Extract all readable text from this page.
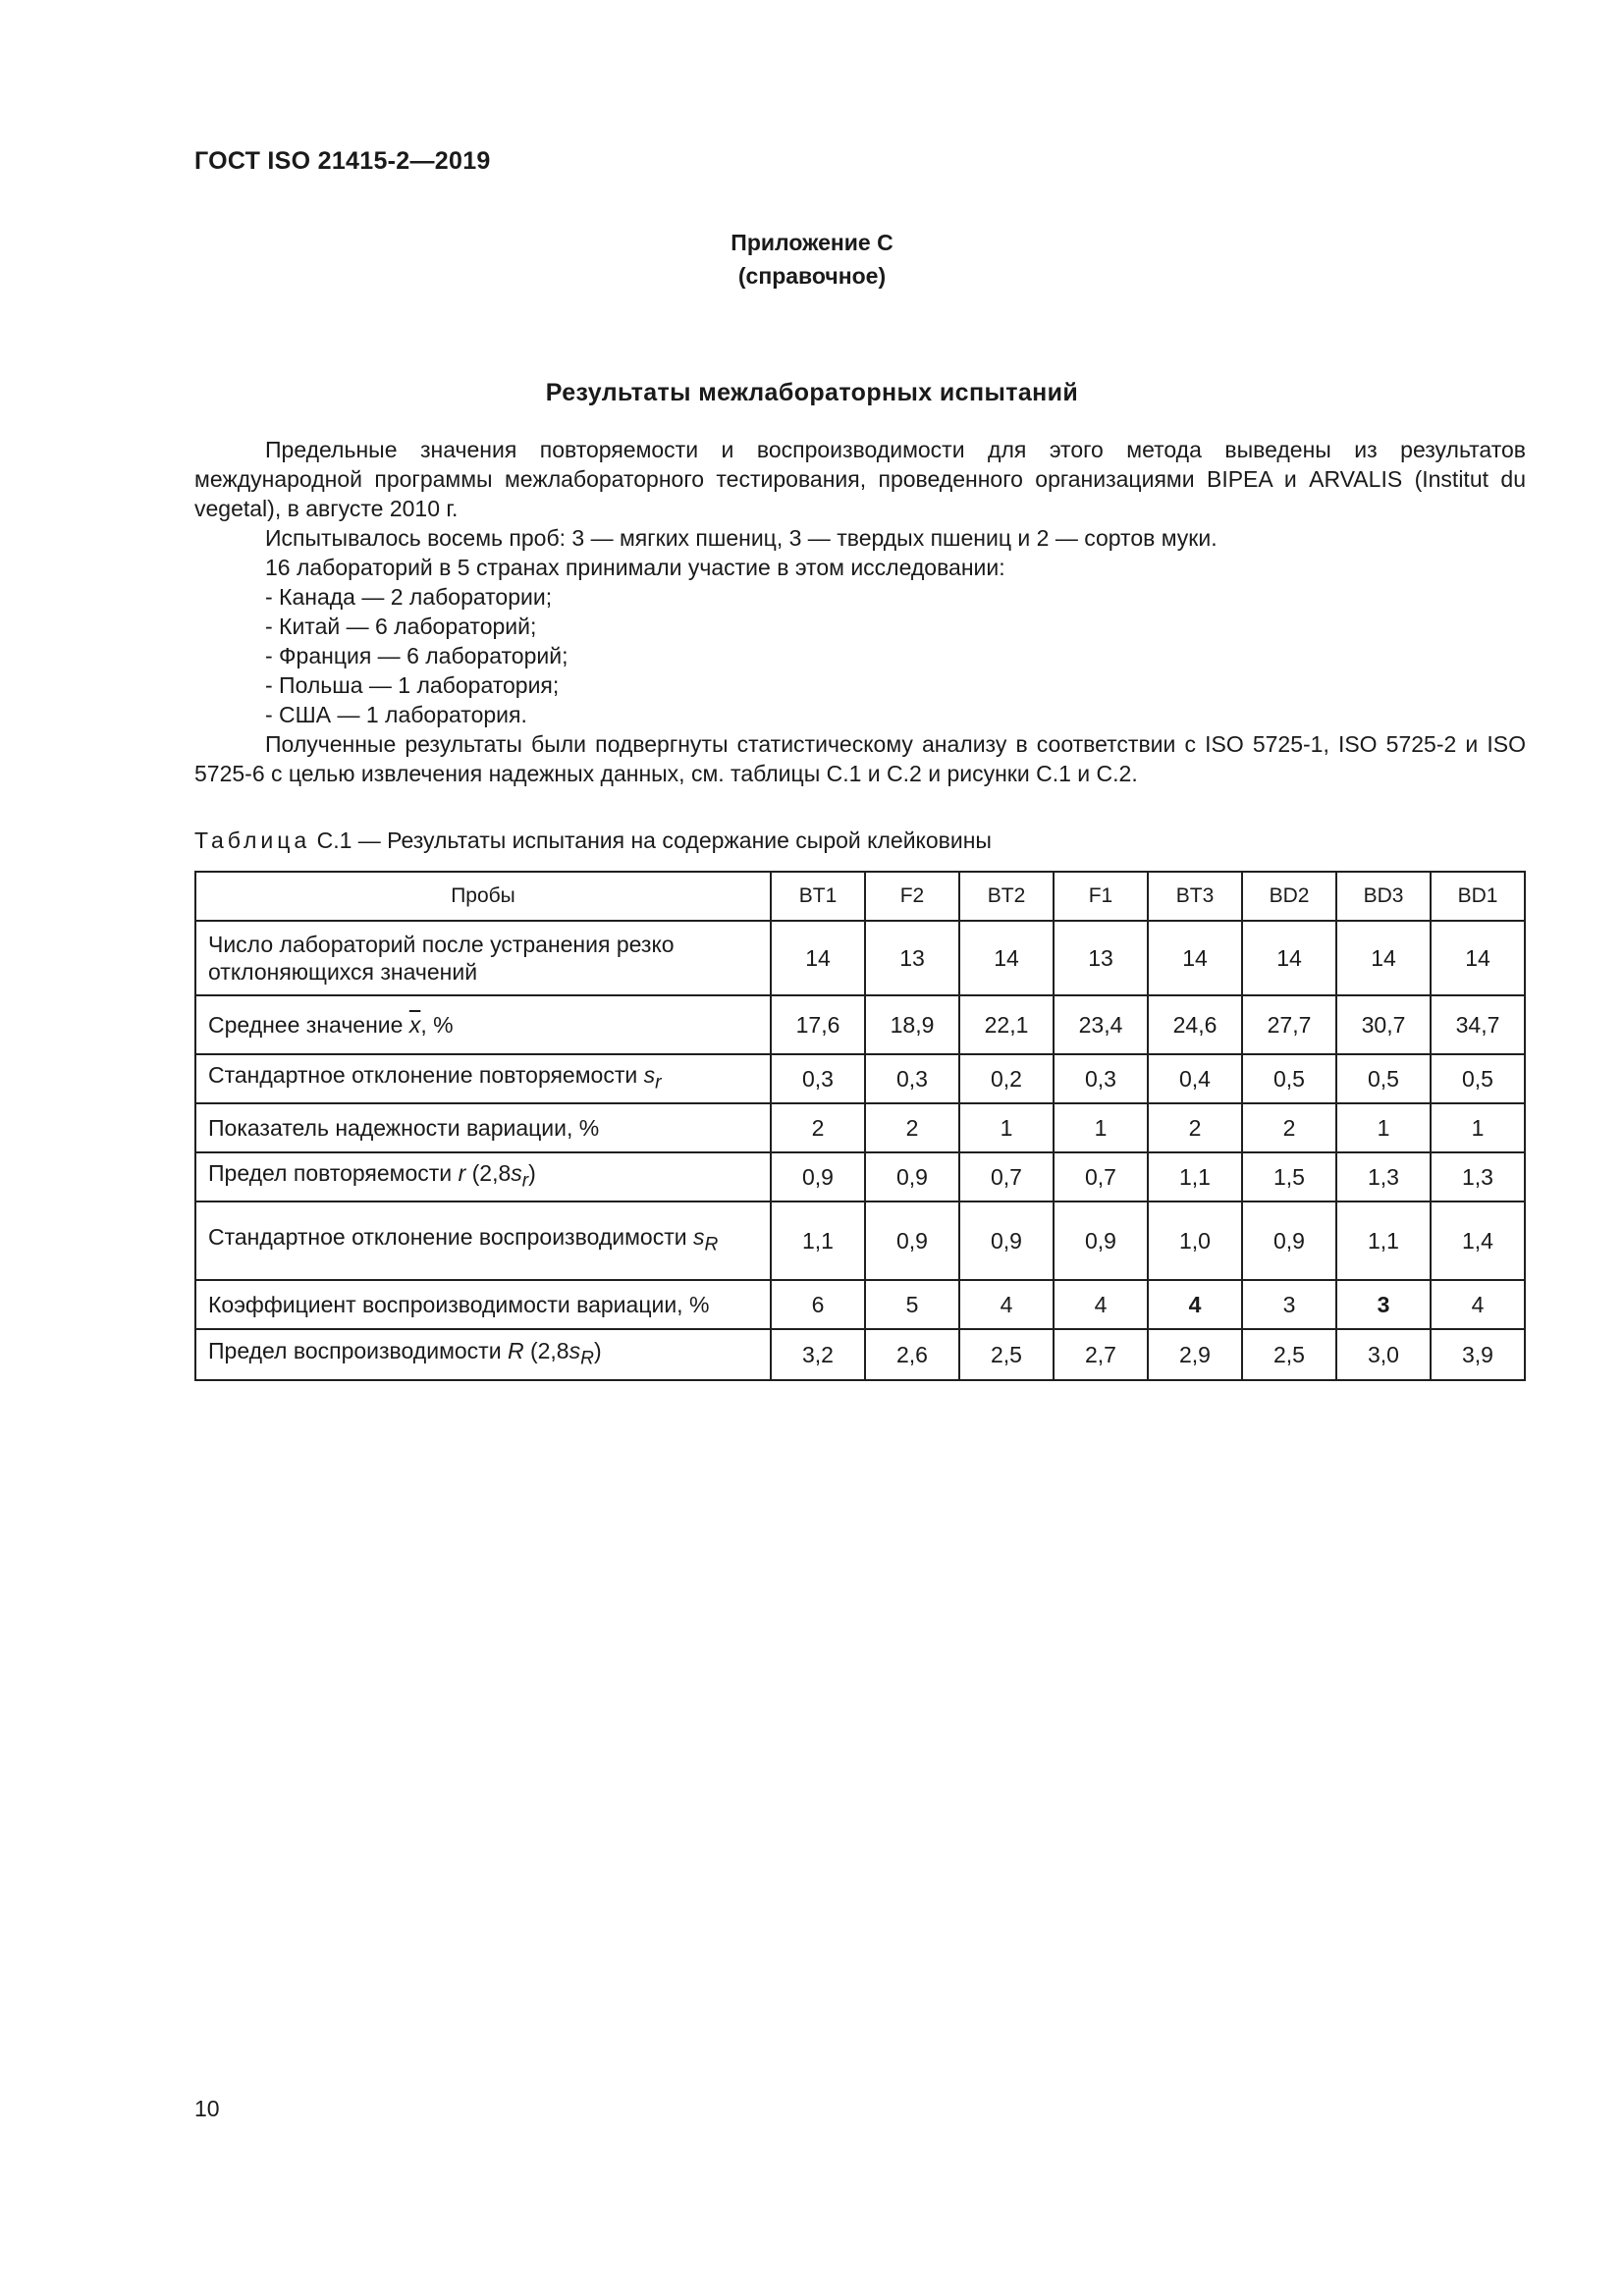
ГОСТ ISO 21415-2—2019
Приложение С
(справочное)
Результаты межлабораторных испытаний

Предельные значения повторяемости и воспроизводимости для этого метода выведены из результатов международной программы межлабораторного тестирования, проведенного организациями BIPEA и ARVALIS (Institut du vegetal), в августе 2010 г.

Испытывалось восемь проб: 3 — мягких пшениц, 3 — твердых пшениц и 2 — сортов муки.

16 лабораторий в 5 странах принимали участие в этом исследовании:

- Канада — 2 лаборатории;

- Китай — 6 лабораторий;

- Франция — 6 лабораторий;

- Польша — 1 лаборатория;

- США — 1 лаборатория.

Полученные результаты были подвергнуты статистическому анализу в соответствии с ISO 5725-1, ISO 5725-2 и ISO 5725-6 с целью извлечения надежных данных, см. таблицы С.1 и С.2 и рисунки С.1 и С.2.

Таблица С.1 — Результаты испытания на содержание сырой клейковины
Пробы	BT1	F2	BT2	F1	BT3	BD2	BD3	BD1
Число лабораторий после устранения резко отклоняющихся значений	14	13	14	13	14	14	14	14
Среднее значение $\overline{x}$, %	17,6	18,9	22,1	23,4	24,6	27,7	30,7	34,7
Стандартное отклонение повторяемости $s_r$	0,3	0,3	0,2	0,3	0,4	0,5	0,5	0,5
Показатель надежности вариации, %	2	2	1	1	2	2	1	1
Предел повторяемости r $(2,8s_r)$	0,9	0,9	0,7	0,7	1,1	1,5	1,3	1,3
Стандартное отклонение воспроизводимости $s_R$	1,1	0,9	0,9	0,9	1,0	0,9	1,1	1,4
Коэффициент воспроизводимости вариации, %	6	5	4	4	4	3	3	4
Предел воспроизводимости R $(2,8s_R)$	3,2	2,6	2,5	2,7	2,9	2,5	3,0	3,9
10
